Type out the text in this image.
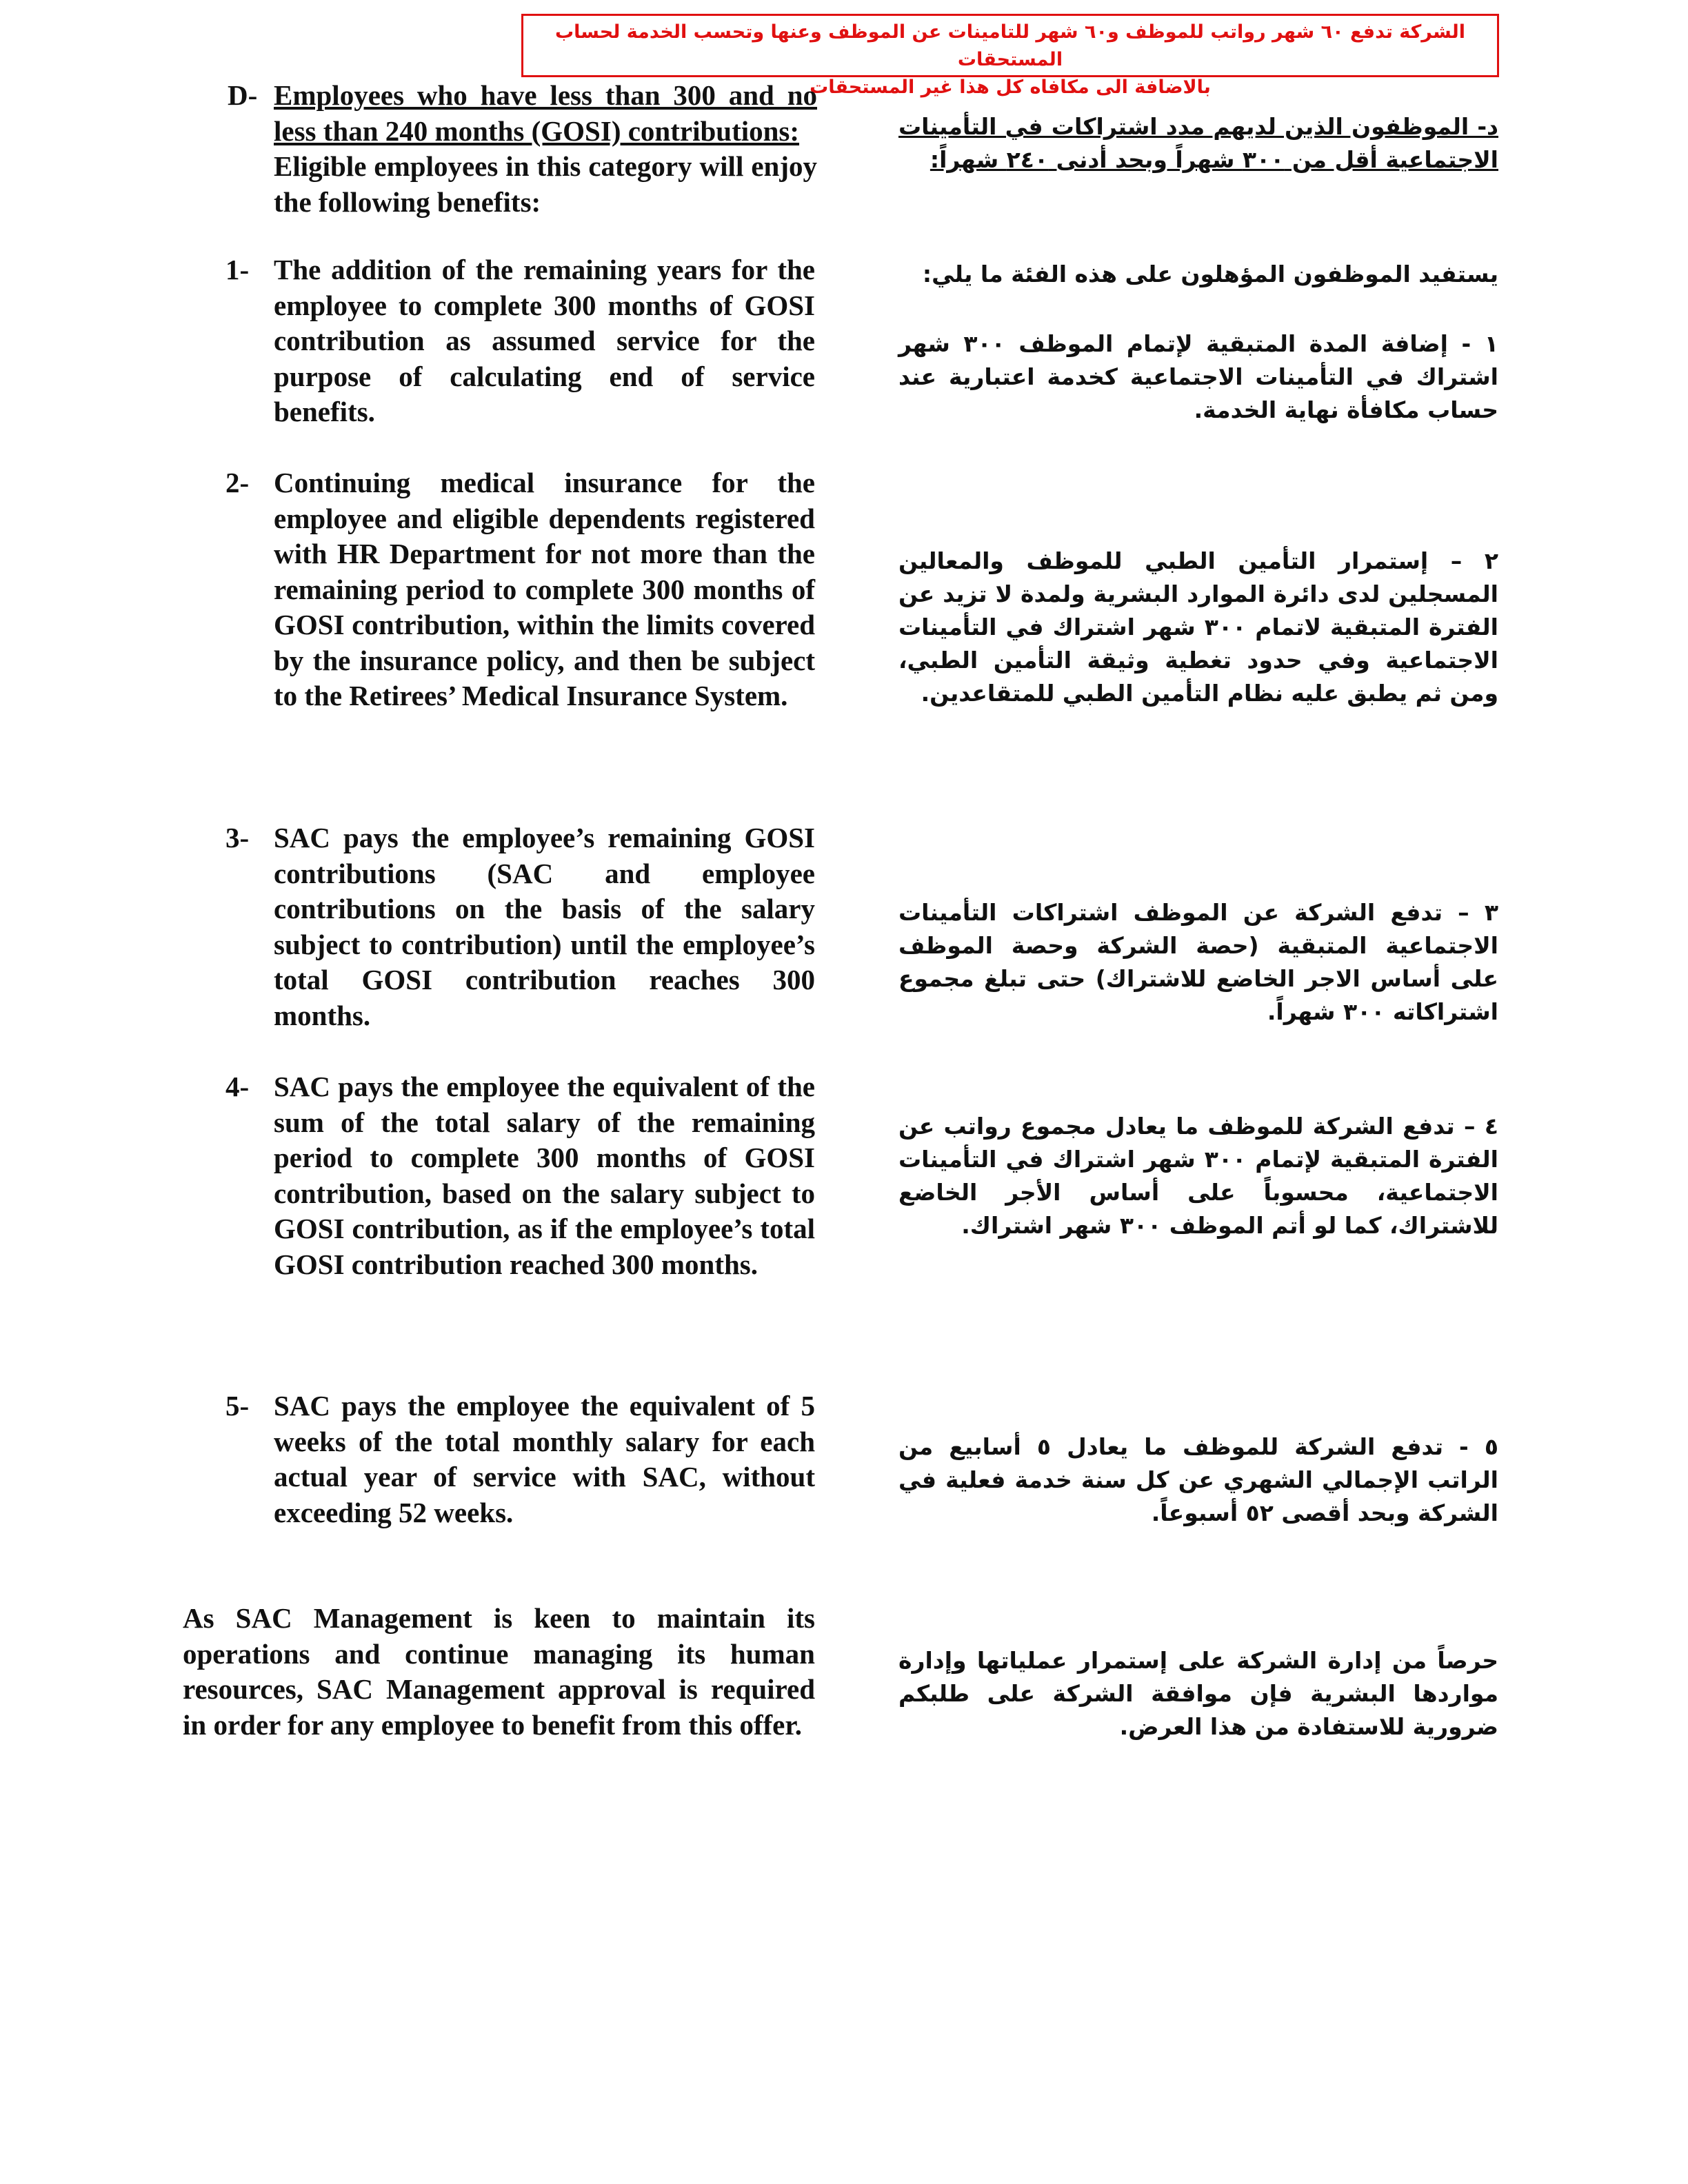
الشركة تدفع ٦٠ شهر رواتب للموظف و٦٠ شهر للتامينات عن الموظف وعنها وتحسب الخدمة لحساب المستحقات
بالاضافة الى مكافاه كل هذا غير المستحقات
D- Employees who have less than 300 and no less than 240 months (GOSI) contributions:

Eligible employees in this category will enjoy the following benefits:

1- The addition of the remaining years for the employee to complete 300 months of GOSI contribution as assumed service for the purpose of calculating end of service benefits.
2- Continuing medical insurance for the employee and eligible dependents registered with HR Department for not more than the remaining period to complete 300 months of GOSI contribution, within the limits covered by the insurance policy, and then be subject to the Retirees’ Medical Insurance System.
3- SAC pays the employee’s remaining GOSI contributions (SAC and employee contributions on the basis of the salary subject to contribution) until the employee’s total GOSI contribution reaches 300 months.
4- SAC pays the employee the equivalent of the sum of the total salary of the remaining period to complete 300 months of GOSI contribution, based on the salary subject to GOSI contribution, as if the employee’s total GOSI contribution reached 300 months.
5- SAC pays the employee the equivalent of 5 weeks of the total monthly salary for each actual year of service with SAC, without exceeding 52 weeks.

As SAC Management is keen to maintain its operations and continue managing its human resources, SAC Management approval is required in order for any employee to benefit from this offer.

د- الموظفون الذين لديهم مدد اشتراكات في التأمينات الاجتماعية أقل من ٣٠٠ شهراً وبحد أدنى ٢٤٠ شهراً:

يستفيد الموظفون المؤهلون على هذه الفئة ما يلي:

١ - إضافة المدة المتبقية لإتمام الموظف ٣٠٠ شهر اشتراك في التأمينات الاجتماعية كخدمة اعتبارية عند حساب مكافأة نهاية الخدمة.

٢ – إستمرار التأمين الطبي للموظف والمعالين المسجلين لدى دائرة الموارد البشرية ولمدة لا تزيد عن الفترة المتبقية لاتمام ٣٠٠ شهر اشتراك في التأمينات الاجتماعية وفي حدود تغطية وثيقة التأمين الطبي، ومن ثم يطبق عليه نظام التأمين الطبي للمتقاعدين.

٣ – تدفع الشركة عن الموظف اشتراكات التأمينات الاجتماعية المتبقية (حصة الشركة وحصة الموظف على أساس الاجر الخاضع للاشتراك) حتى تبلغ مجموع اشتراكاته ٣٠٠ شهراً.

٤ – تدفع الشركة للموظف ما يعادل مجموع رواتب عن الفترة المتبقية لإتمام ٣٠٠ شهر اشتراك في التأمينات الاجتماعية، محسوباً على أساس الأجر الخاضع للاشتراك، كما لو أتم الموظف ٣٠٠ شهر اشتراك.

٥ - تدفع الشركة للموظف ما يعادل ٥ أسابيع من الراتب الإجمالي الشهري عن كل سنة خدمة فعلية في الشركة وبحد أقصى ٥٢ أسبوعاً.

حرصاً من إدارة الشركة على إستمرار عملياتها وإدارة مواردها البشرية فإن موافقة الشركة على طلبكم ضرورية للاستفادة من هذا العرض.
